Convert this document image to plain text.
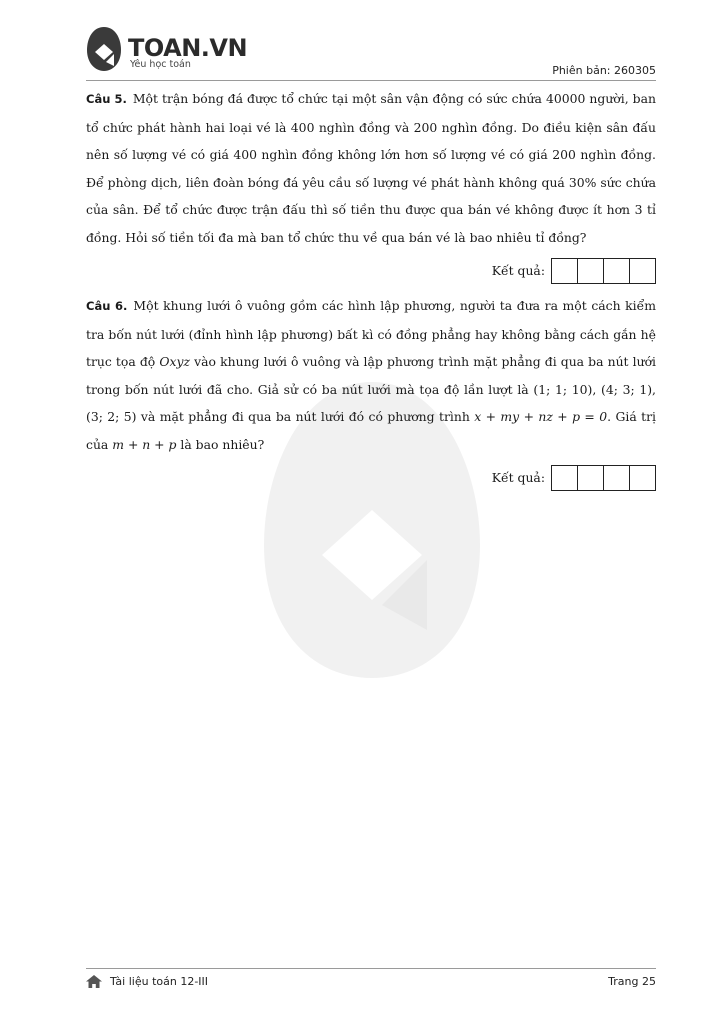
TOAN.VN
Yêu học toán	Phiên bản: 260305

Câu 5. Một trận bóng đá được tổ chức tại một sân vận động có sức chứa 40000 người, ban tổ chức phát hành hai loại vé là 400 nghìn đồng và 200 nghìn đồng. Do điều kiện sân đấu nên số lượng vé có giá 400 nghìn đồng không lớn hơn số lượng vé có giá 200 nghìn đồng. Để phòng dịch, liên đoàn bóng đá yêu cầu số lượng vé phát hành không quá 30% sức chứa của sân. Để tổ chức được trận đấu thì số tiền thu được qua bán vé không được ít hơn 3 tỉ đồng. Hỏi số tiền tối đa mà ban tổ chức thu về qua bán vé là bao nhiêu tỉ đồng?

Kết quả:

Câu 6. Một khung lưới ô vuông gồm các hình lập phương, người ta đưa ra một cách kiểm tra bốn nút lưới (đỉnh hình lập phương) bất kì có đồng phẳng hay không bằng cách gắn hệ trục tọa độ Oxyz vào khung lưới ô vuông và lập phương trình mặt phẳng đi qua ba nút lưới trong bốn nút lưới đã cho. Giả sử có ba nút lưới mà tọa độ lần lượt là (1; 1; 10), (4; 3; 1), (3; 2; 5) và mặt phẳng đi qua ba nút lưới đó có phương trình x + my + nz + p = 0. Giá trị của m + n + p là bao nhiêu?

Kết quả:
Tài liệu toán 12-III	Trang 25
